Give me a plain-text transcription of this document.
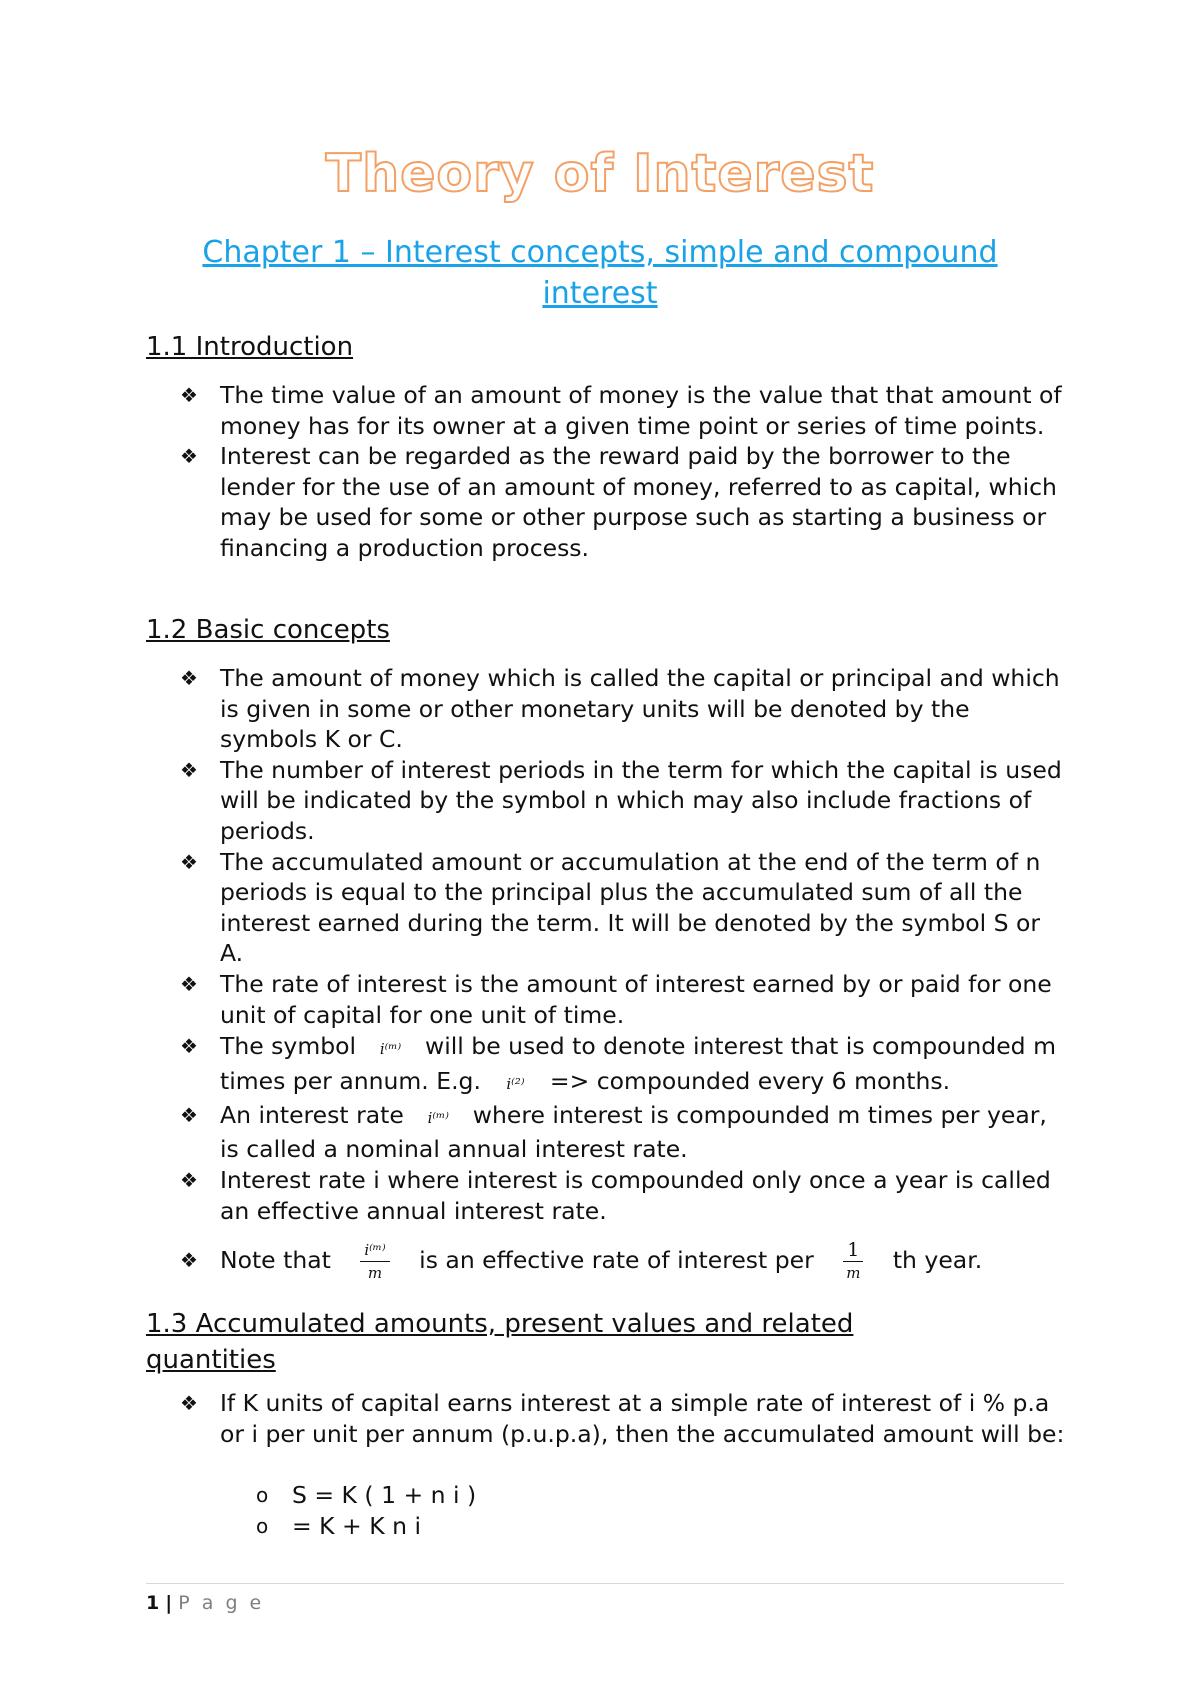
Theory of Interest
Chapter 1 – Interest concepts, simple and compound
interest
1.1 Introduction
❖ The time value of an amount of money is the value that that amount of money has for its owner at a given time point or series of time points.
❖ Interest can be regarded as the reward paid by the borrower to the lender for the use of an amount of money, referred to as capital, which may be used for some or other purpose such as starting a business or financing a production process.
1.2 Basic concepts
❖ The amount of money which is called the capital or principal and which is given in some or other monetary units will be denoted by the symbols K or C.
❖ The number of interest periods in the term for which the capital is used will be indicated by the symbol n which may also include fractions of periods.
❖ The accumulated amount or accumulation at the end of the term of n periods is equal to the principal plus the accumulated sum of all the interest earned during the term. It will be denoted by the symbol S or A.
❖ The rate of interest is the amount of interest earned by or paid for one unit of capital for one unit of time.
❖ The symbol i⁽ᵐ⁾ will be used to denote interest that is compounded m times per annum. E.g. i⁽²⁾ => compounded every 6 months.
❖ An interest rate i⁽ᵐ⁾ where interest is compounded m times per year, is called a nominal annual interest rate.
❖ Interest rate i where interest is compounded only once a year is called an effective annual interest rate.
❖ Note that $\frac{\text{i⁽ᵐ⁾}}{m}$ is an effective rate of interest per $\frac{1}{m}$ th year.
1.3 Accumulated amounts, present values and related
quantities
❖ If K units of capital earns interest at a simple rate of interest of i % p.a or i per unit per annum (p.u.p.a), then the accumulated amount will be:
o S = K ( 1 + n i )
o = K + K n i
1 | P a g e
